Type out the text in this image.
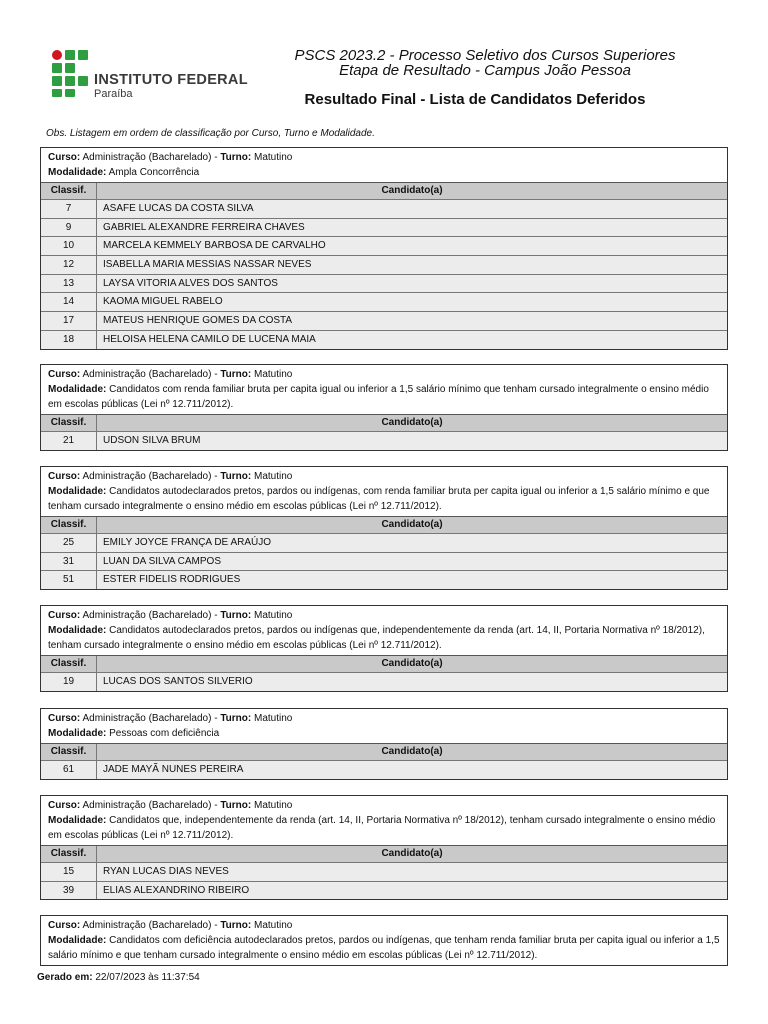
INSTITUTO FEDERAL
Paraíba
PSCS 2023.2 - Processo Seletivo dos Cursos Superiores
Etapa de Resultado - Campus João Pessoa
Resultado Final - Lista de Candidatos Deferidos
Obs. Listagem em ordem de classificação por Curso, Turno e Modalidade.
Curso: Administração (Bacharelado) - Turno: Matutino
Modalidade: Ampla Concorrência
Classif.	Candidato(a)
7	ASAFE LUCAS DA COSTA SILVA
9	GABRIEL ALEXANDRE FERREIRA CHAVES
10	MARCELA KEMMELY BARBOSA DE CARVALHO
12	ISABELLA MARIA MESSIAS NASSAR NEVES
13	LAYSA VITORIA ALVES DOS SANTOS
14	KAOMA MIGUEL RABELO
17	MATEUS HENRIQUE GOMES DA COSTA
18	HELOISA HELENA CAMILO DE LUCENA MAIA
Curso: Administração (Bacharelado) - Turno: Matutino
Modalidade: Candidatos com renda familiar bruta per capita igual ou inferior a 1,5 salário mínimo que tenham cursado integralmente o ensino médio em escolas públicas (Lei nº 12.711/2012).
Classif.	Candidato(a)
21	UDSON SILVA BRUM
Curso: Administração (Bacharelado) - Turno: Matutino
Modalidade: Candidatos autodeclarados pretos, pardos ou indígenas, com renda familiar bruta per capita igual ou inferior a 1,5 salário mínimo e que tenham cursado integralmente o ensino médio em escolas públicas (Lei nº 12.711/2012).
Classif.	Candidato(a)
25	EMILY JOYCE FRANÇA DE ARAÚJO
31	LUAN DA SILVA CAMPOS
51	ESTER FIDELIS RODRIGUES
Curso: Administração (Bacharelado) - Turno: Matutino
Modalidade: Candidatos autodeclarados pretos, pardos ou indígenas que, independentemente da renda (art. 14, II, Portaria Normativa nº 18/2012), tenham cursado integralmente o ensino médio em escolas públicas (Lei nº 12.711/2012).
Classif.	Candidato(a)
19	LUCAS DOS SANTOS SILVERIO
Curso: Administração (Bacharelado) - Turno: Matutino
Modalidade: Pessoas com deficiência
Classif.	Candidato(a)
61	JADE MAYÃ NUNES PEREIRA
Curso: Administração (Bacharelado) - Turno: Matutino
Modalidade: Candidatos que, independentemente da renda (art. 14, II, Portaria Normativa nº 18/2012), tenham cursado integralmente o ensino médio em escolas públicas (Lei nº 12.711/2012).
Classif.	Candidato(a)
15	RYAN LUCAS DIAS NEVES
39	ELIAS ALEXANDRINO RIBEIRO
Curso: Administração (Bacharelado) - Turno: Matutino
Modalidade: Candidatos com deficiência autodeclarados pretos, pardos ou indígenas, que tenham renda familiar bruta per capita igual ou inferior a 1,5 salário mínimo e que tenham cursado integralmente o ensino médio em escolas públicas (Lei nº 12.711/2012).
Gerado em: 22/07/2023 às 11:37:54
